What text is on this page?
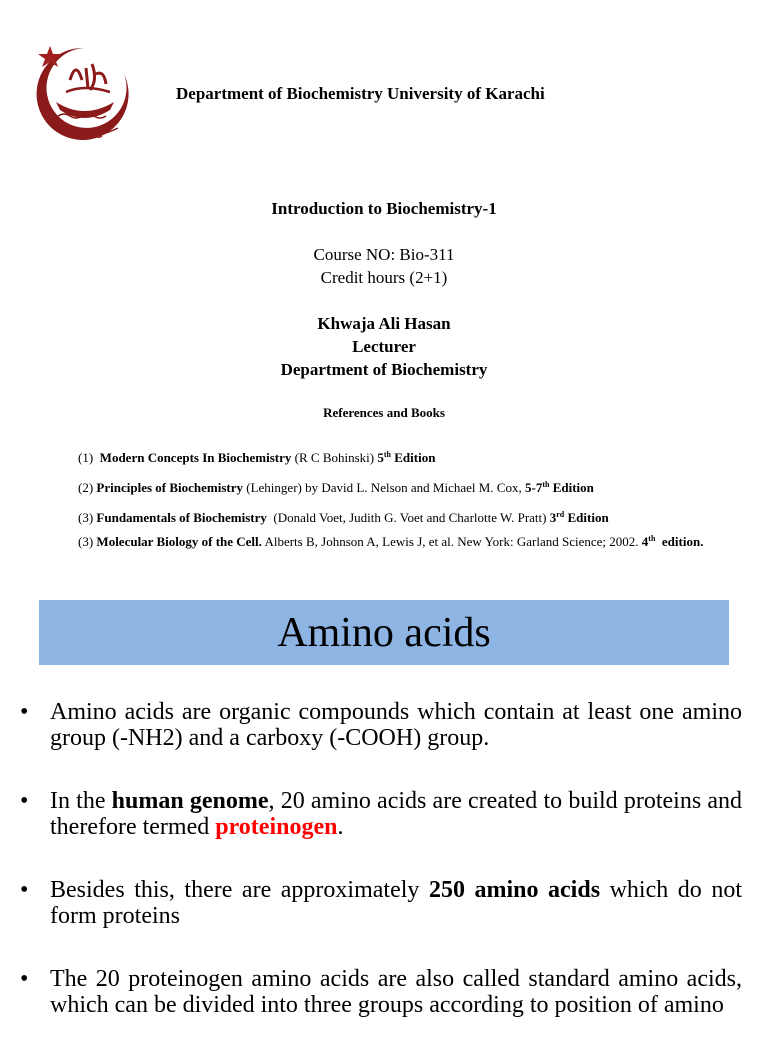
Department of Biochemistry University of Karachi
Introduction to Biochemistry-1
Course NO: Bio-311
Credit hours (2+1)
Khwaja Ali Hasan
Lecturer
Department of Biochemistry
References and Books
(1) Modern Concepts In Biochemistry (R C Bohinski) 5th Edition
(2) Principles of Biochemistry (Lehinger) by David L. Nelson and Michael M. Cox, 5-7th Edition
(3) Fundamentals of Biochemistry (Donald Voet, Judith G. Voet and Charlotte W. Pratt) 3rd Edition
(3) Molecular Biology of the Cell. Alberts B, Johnson A, Lewis J, et al. New York: Garland Science; 2002. 4th edition.
Amino acids
• Amino acids are organic compounds which contain at least one amino group (-NH2) and a carboxy (-COOH) group.
• In the human genome, 20 amino acids are created to build proteins and therefore termed proteinogen.
• Besides this, there are approximately 250 amino acids which do not form proteins
• The 20 proteinogen amino acids are also called standard amino acids, which can be divided into three groups according to position of amino
